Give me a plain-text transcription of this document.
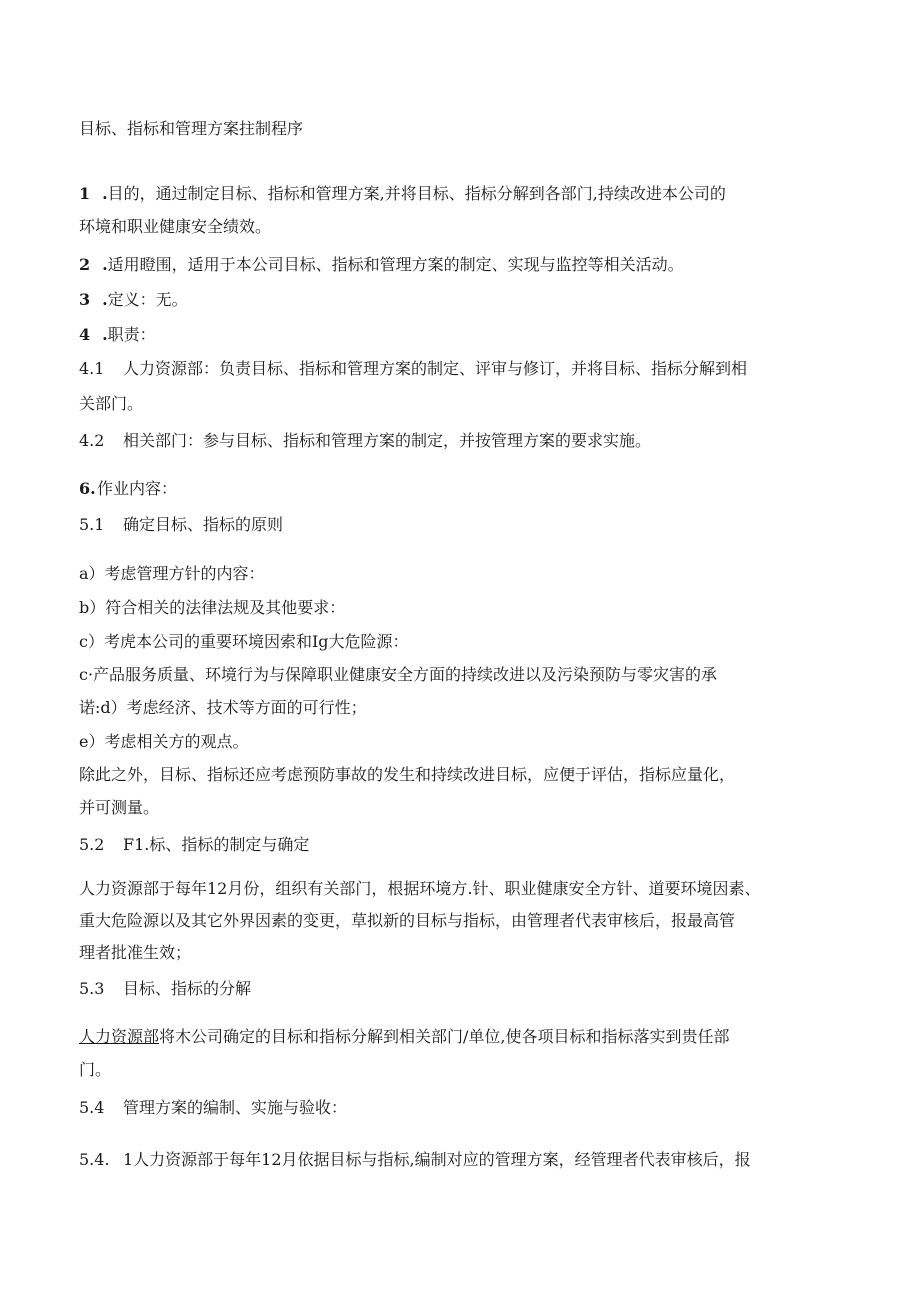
目标、指标和管理方案拄制程序
1 .目的，通过制定目标、指标和管理方案,并将目标、指标分解到各部门,持续改进本公司的
环境和职业健康安全绩效。
2 .适用瞪围，适用于本公司目标、指标和管理方案的制定、实现与监控等相关活动。
3 .定义：无。
4 .职责：
4.1 人力资源部：负责目标、指标和管理方案的制定、评审与修订，并将目标、指标分解到相
关部门。
4.2 相关部门：参与目标、指标和管理方案的制定，并按管理方案的要求实施。
6.作业内容：
5.1 确定目标、指标的原则
a）考虑管理方针的内容：
b）符合相关的法律法规及其他要求：
c）考虎本公司的重要环境因索和Ig大危险源：
c·产品服务质量、环境行为与保障职业健康安全方面的持续改进以及污染预防与零灾害的承
诺:d）考虑经济、技术等方面的可行性；
e）考虑相关方的观点。
除此之外，目标、指标还应考虑预防事故的发生和持续改进目标，应便于评估，指标应量化，
并可测量。
5.2 F1.标、指标的制定与确定
人力资源部于每年12月份，组织有关部门，根据环境方.针、职业健康安全方针、道要环境因素、
重大危险源以及其它外界因素的变更，草拟新的目标与指标，由管理者代表审核后，报最高管
理者批准生效；
5.3 目标、指标的分解
人力资源部将木公司确定的目标和指标分解到相关部门/单位,使各项目标和指标落实到贵任部
门。
5.4 管理方案的编制、实施与验收：
5.4. 1人力资源部于每年12月依据目标与指标,编制对应的管理方案，经管理者代表审核后，报
